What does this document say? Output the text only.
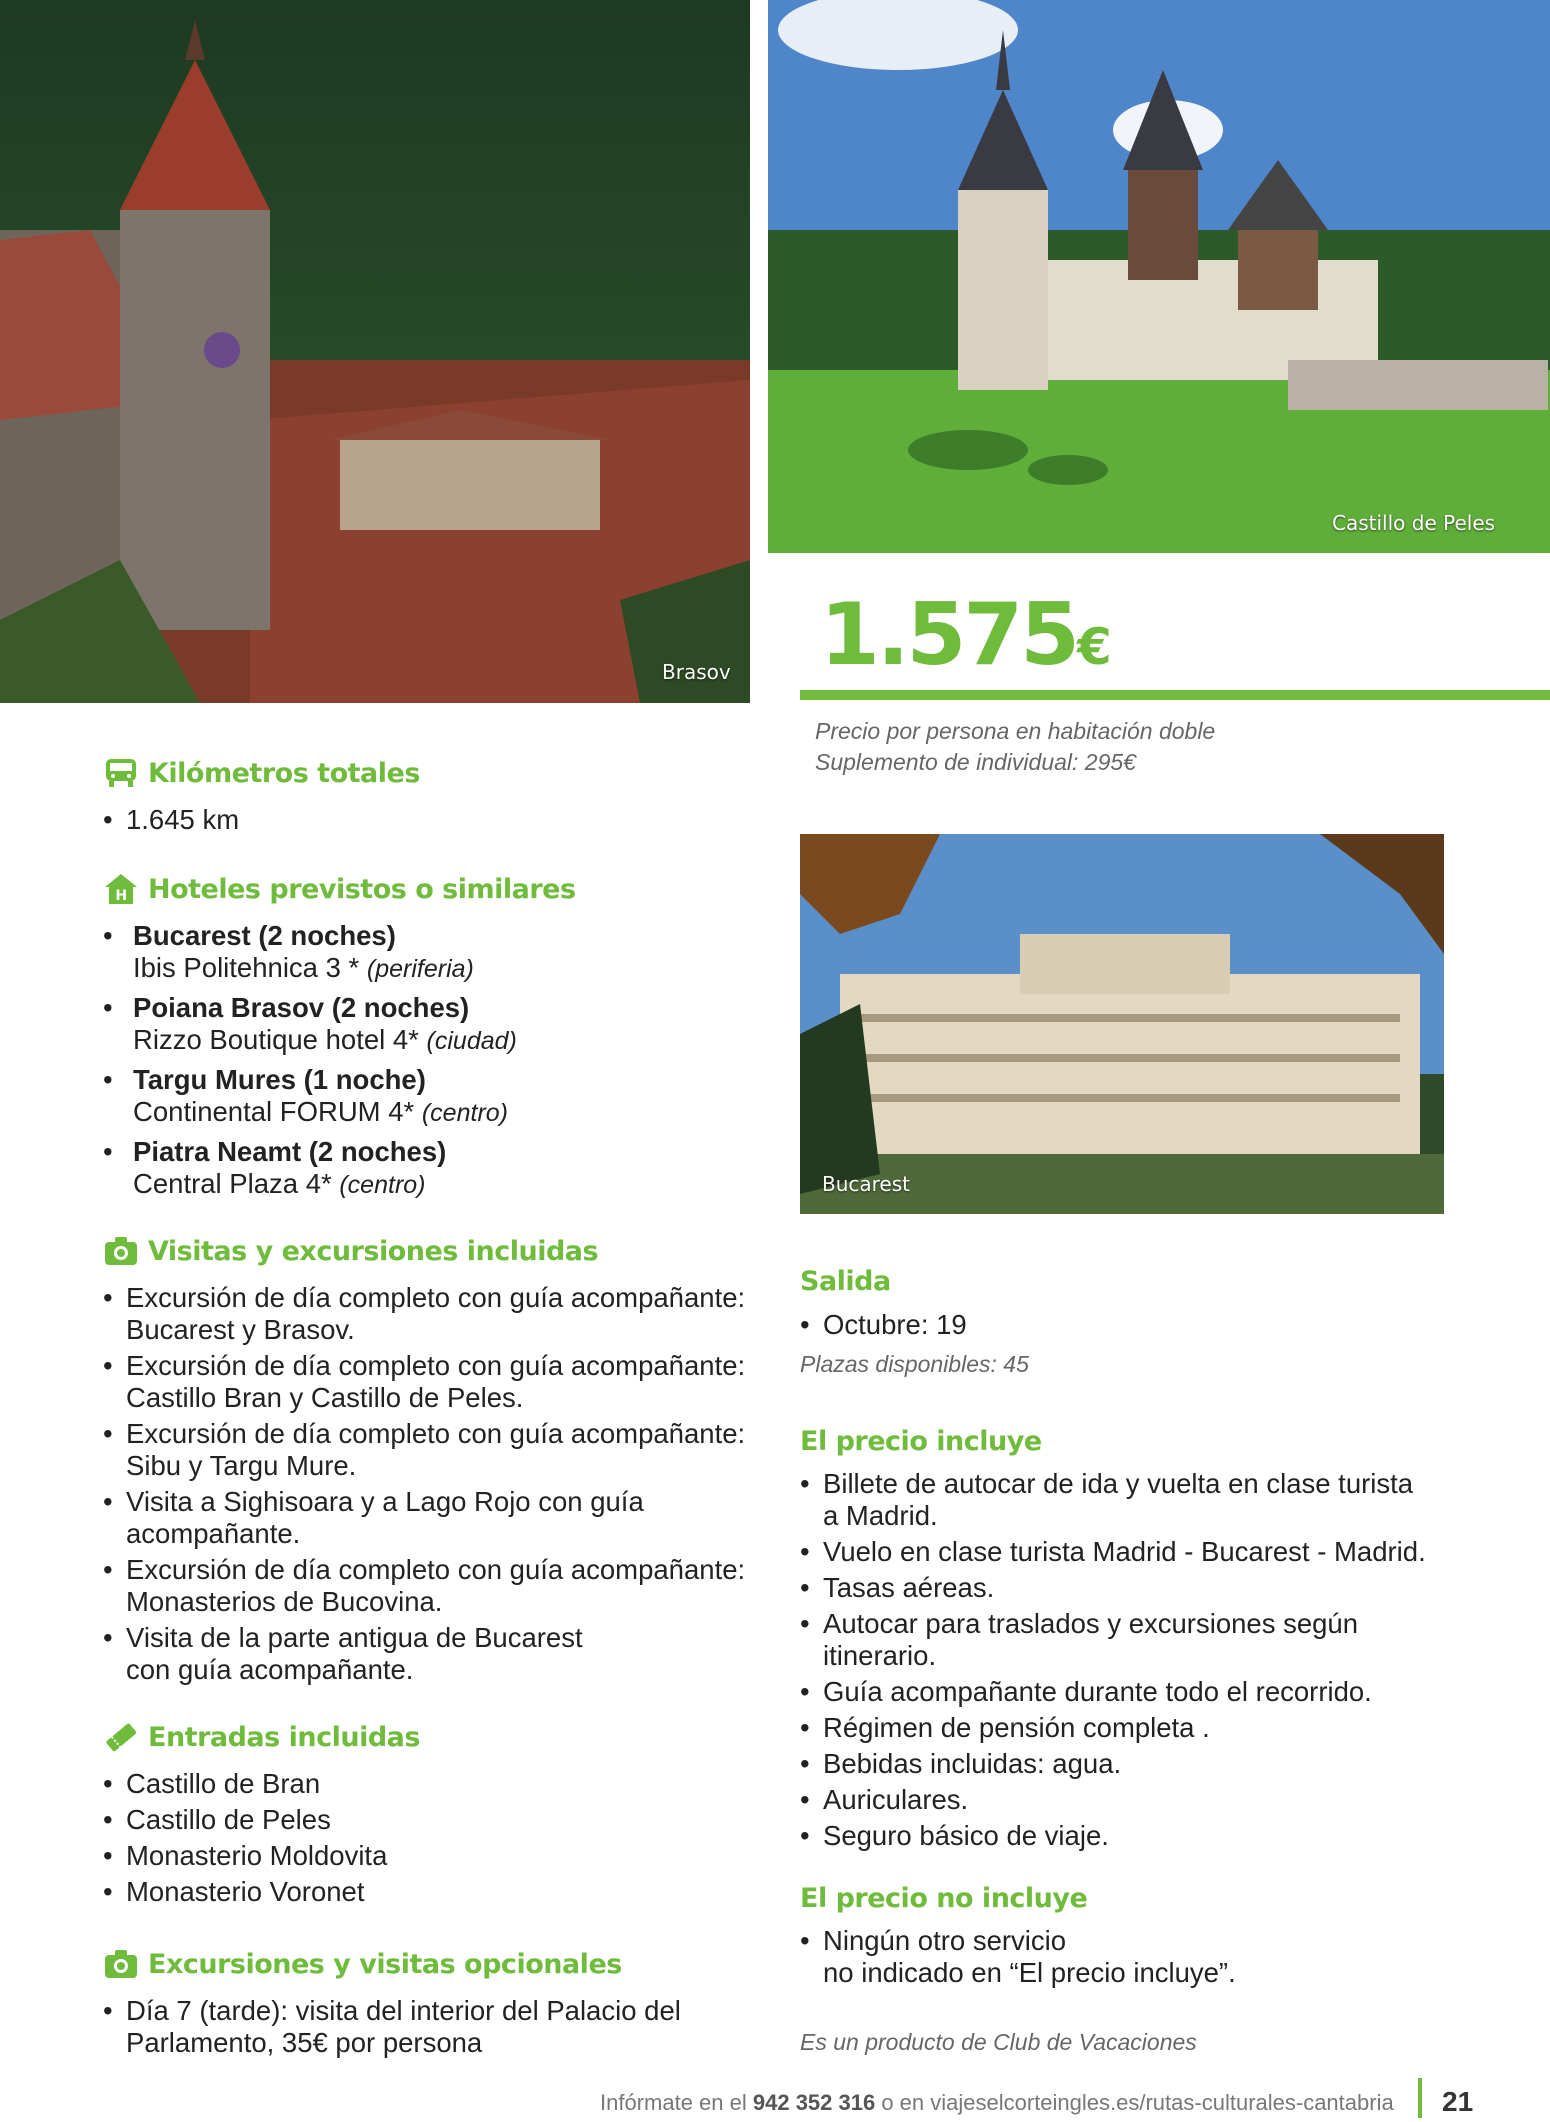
Brasov
Castillo de Peles
Bucarest
1.575€
Precio por persona en habitación doble
Suplemento de individual: 295€
Kilómetros totales
• 1.645 km
H Hoteles previstos o similares
• Bucarest (2 noches)
Ibis Politehnica 3 * (periferia)
• Poiana Brasov (2 noches)
Rizzo Boutique hotel 4* (ciudad)
• Targu Mures (1 noche)
Continental FORUM 4* (centro)
• Piatra Neamt (2 noches)
Central Plaza 4* (centro)
Visitas y excursiones incluidas
• Excursión de día completo con guía acompañante:
Bucarest y Brasov.
• Excursión de día completo con guía acompañante:
Castillo Bran y Castillo de Peles.
• Excursión de día completo con guía acompañante:
Sibu y Targu Mure.
• Visita a Sighisoara y a Lago Rojo con guía
acompañante.
• Excursión de día completo con guía acompañante:
Monasterios de Bucovina.
• Visita de la parte antigua de Bucarest
con guía acompañante.
Entradas incluidas
• Castillo de Bran
• Castillo de Peles
• Monasterio Moldovita
• Monasterio Voronet
Excursiones y visitas opcionales
• Día 7 (tarde): visita del interior del Palacio del
Parlamento, 35€ por persona
Salida
• Octubre: 19
Plazas disponibles: 45
El precio incluye
• Billete de autocar de ida y vuelta en clase turista
a Madrid.
• Vuelo en clase turista Madrid - Bucarest - Madrid.
• Tasas aéreas.
• Autocar para traslados y excursiones según
itinerario.
• Guía acompañante durante todo el recorrido.
• Régimen de pensión completa .
• Bebidas incluidas: agua.
• Auriculares.
• Seguro básico de viaje.
El precio no incluye
• Ningún otro servicio
no indicado en “El precio incluye”.
Es un producto de Club de Vacaciones
Infórmate en el 942 352 316 o en viajeselcorteingles.es/rutas-culturales-cantabria 21
